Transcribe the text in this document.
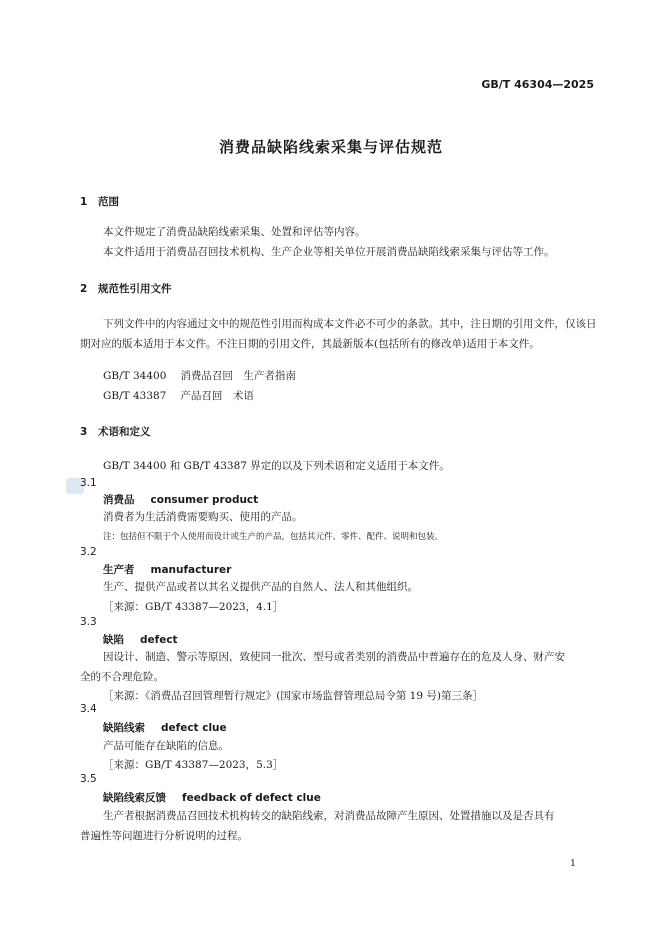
GB/T 46304—2025
消费品缺陷线索采集与评估规范
1 范围
本文件规定了消费品缺陷线索采集、处置和评估等内容。
本文件适用于消费品召回技术机构、生产企业等相关单位开展消费品缺陷线索采集与评估等工作。
2 规范性引用文件
下列文件中的内容通过文中的规范性引用而构成本文件必不可少的条款。其中，注日期的引用文件，仅该日期对应的版本适用于本文件。不注日期的引用文件，其最新版本(包括所有的修改单)适用于本文件。
GB/T 34400 消费品召回　生产者指南
GB/T 43387 产品召回　术语
3 术语和定义
GB/T 34400 和 GB/T 43387 界定的以及下列术语和定义适用于本文件。
3.1
消费品 consumer product
消费者为生活消费需要购买、使用的产品。
注：包括但不限于个人使用而设计或生产的产品，包括其元件、零件、配件、说明和包装。
3.2
生产者 manufacturer
生产、提供产品或者以其名义提供产品的自然人、法人和其他组织。
［来源：GB/T 43387—2023，4.1］
3.3
缺陷 defect
因设计、制造、警示等原因，致使同一批次、型号或者类别的消费品中普遍存在的危及人身、财产安
全的不合理危险。
［来源：《消费品召回管理暂行规定》(国家市场监督管理总局令第 19 号)第三条］
3.4
缺陷线索 defect clue
产品可能存在缺陷的信息。
［来源：GB/T 43387—2023，5.3］
3.5
缺陷线索反馈 feedback of defect clue
生产者根据消费品召回技术机构转交的缺陷线索，对消费品故障产生原因、处置措施以及是否具有
普遍性等问题进行分析说明的过程。
1
